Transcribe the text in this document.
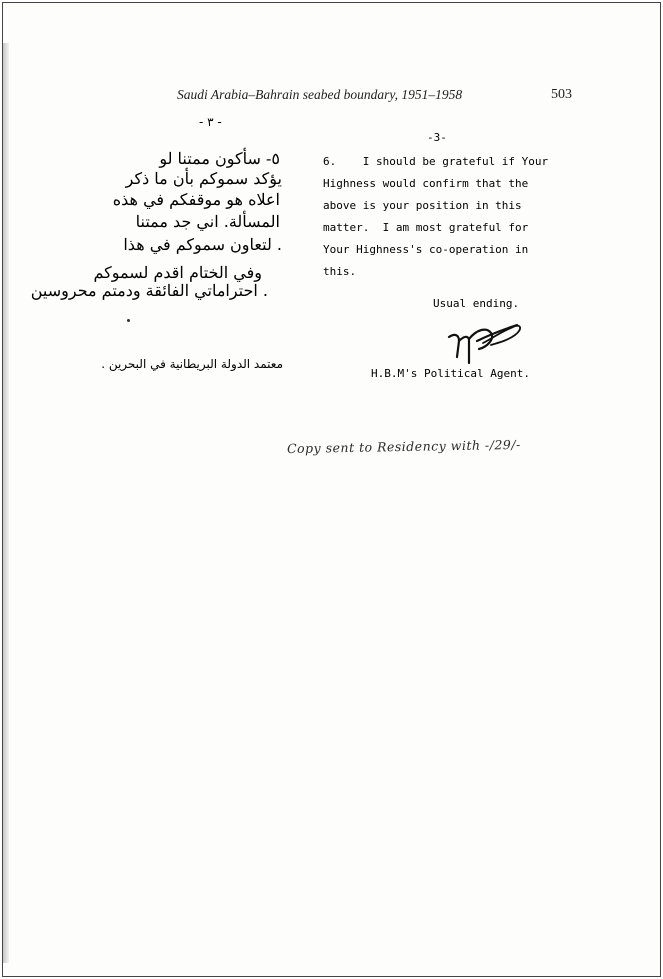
Saudi Arabia–Bahrain seabed boundary, 1951–1958	503
- ٣ -
٥- سأكون ممتنا لو
يؤكد سموكم بأن ما ذكر
اعلاه هو موقفكم في هذه
المسألة. اني جد ممتنا
لتعاون سموكم في هذا .
وفي الختام اقدم لسموكم
احتراماتي الفائقة ودمتم محروسين .
معتمد الدولة البريطانية في البحرين .
-3-
6.    I should be grateful if Your
Highness would confirm that the
above is your position in this
matter.  I am most grateful for
Your Highness's co-operation in
this.
Usual ending.
H.B.M's Political Agent.
Copy sent to Residency with -/29/-
